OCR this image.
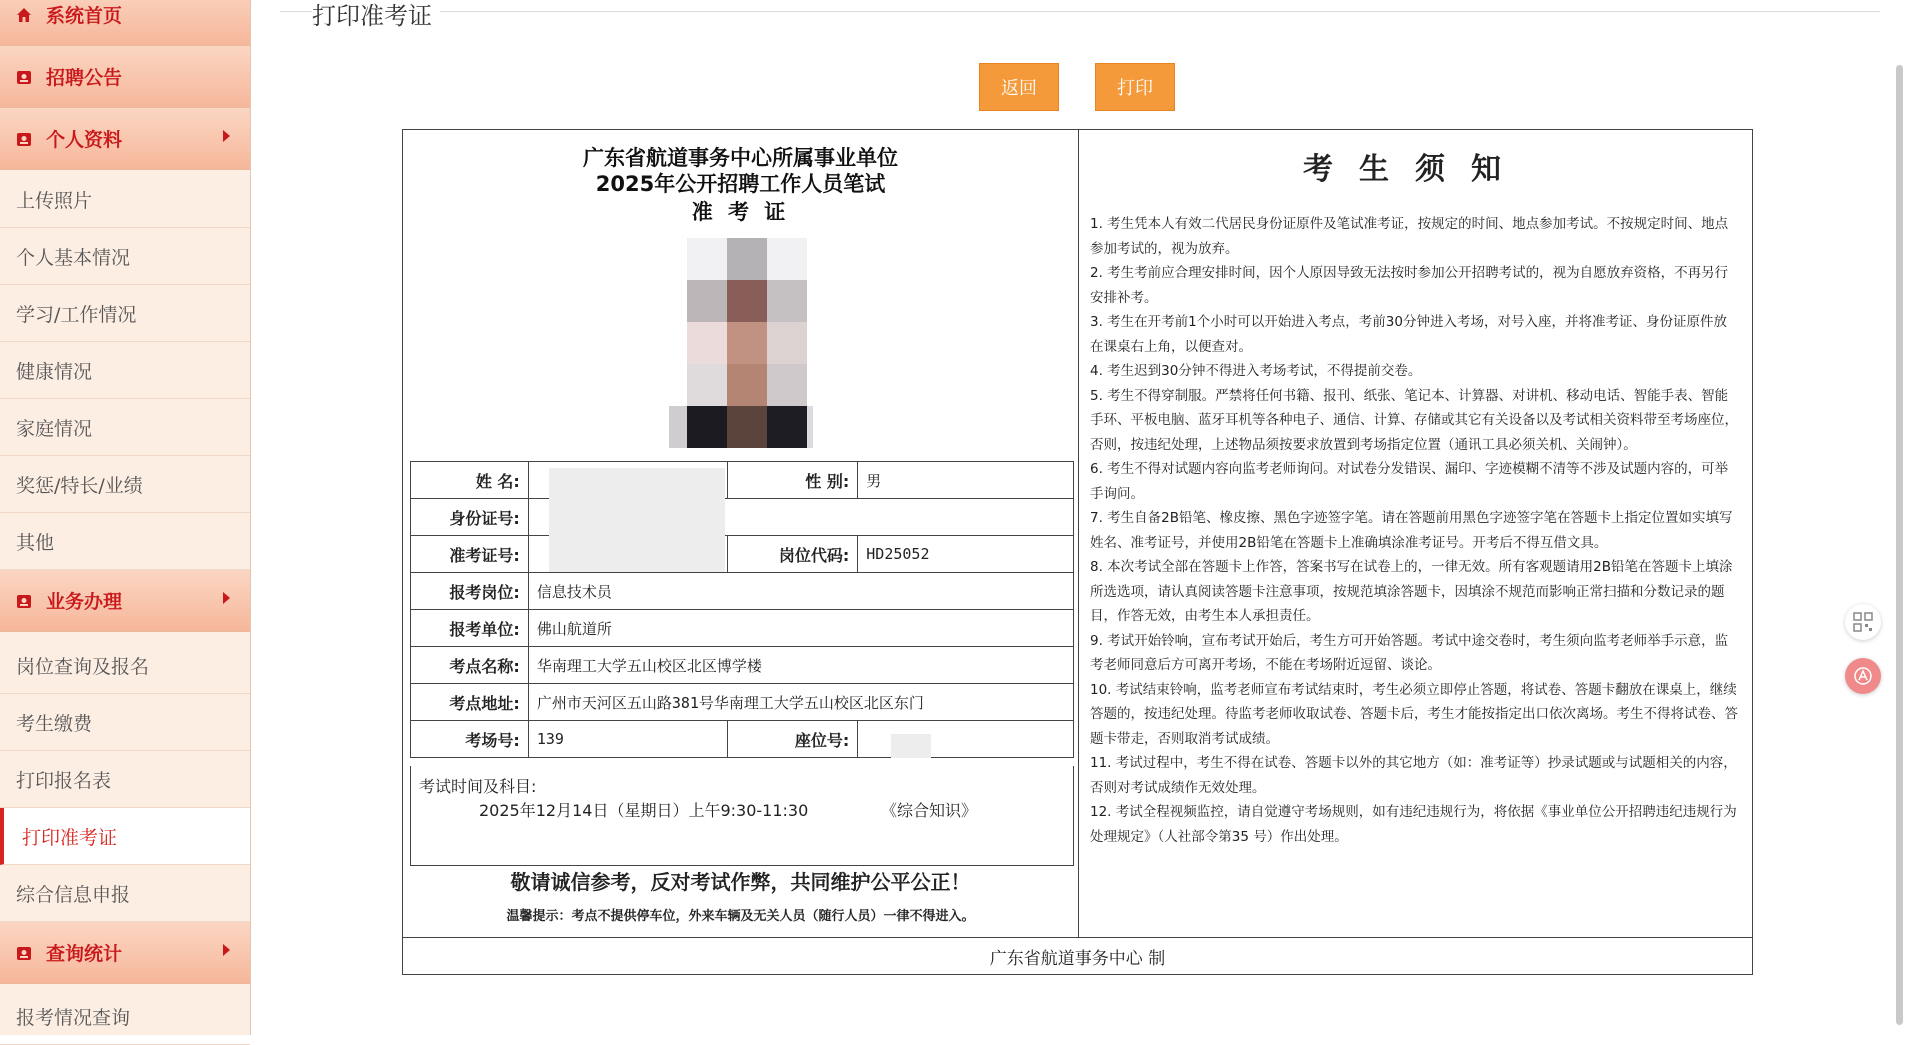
系统首页
招聘公告
个人资料
上传照片
个人基本情况
学习/工作情况
健康情况
家庭情况
奖惩/特长/业绩
其他
业务办理
岗位查询及报名
考生缴费
打印报名表
打印准考证
综合信息申报
查询统计
报考情况查询
打印准考证
返回	打印
广东省航道事务中心所属事业单位
2025年公开招聘工作人员笔试
准 考 证
姓 名:		性 别:	男
身份证号:			
准考证号:		岗位代码:	HD25052
报考岗位:	信息技术员		
报考单位:	佛山航道所		
考点名称:	华南理工大学五山校区北区博学楼		
考点地址:	广州市天河区五山路381号华南理工大学五山校区北区东门		
考场号:	139	座位号:	
考试时间及科目:
2025年12月14日（星期日）上午9:30-11:30	《综合知识》
敬请诚信参考，反对考试作弊，共同维护公平公正！
温馨提示：考点不提供停车位，外来车辆及无关人员（随行人员）一律不得进入。
考生须知
1. 考生凭本人有效二代居民身份证原件及笔试准考证，按规定的时间、地点参加考试。不按规定时间、地点参加考试的，视为放弃。
2. 考生考前应合理安排时间，因个人原因导致无法按时参加公开招聘考试的，视为自愿放弃资格，不再另行安排补考。
3. 考生在开考前1个小时可以开始进入考点，考前30分钟进入考场，对号入座，并将准考证、身份证原件放在课桌右上角，以便查对。
4. 考生迟到30分钟不得进入考场考试，不得提前交卷。
5. 考生不得穿制服。严禁将任何书籍、报刊、纸张、笔记本、计算器、对讲机、移动电话、智能手表、智能手环、平板电脑、蓝牙耳机等各种电子、通信、计算、存储或其它有关设备以及考试相关资料带至考场座位，否则，按违纪处理，上述物品须按要求放置到考场指定位置（通讯工具必须关机、关闹钟）。
6. 考生不得对试题内容向监考老师询问。对试卷分发错误、漏印、字迹模糊不清等不涉及试题内容的，可举手询问。
7. 考生自备2B铅笔、橡皮擦、黑色字迹签字笔。请在答题前用黑色字迹签字笔在答题卡上指定位置如实填写姓名、准考证号，并使用2B铅笔在答题卡上准确填涂准考证号。开考后不得互借文具。
8. 本次考试全部在答题卡上作答，答案书写在试卷上的，一律无效。所有客观题请用2B铅笔在答题卡上填涂所选选项，请认真阅读答题卡注意事项，按规范填涂答题卡，因填涂不规范而影响正常扫描和分数记录的题目，作答无效，由考生本人承担责任。
9. 考试开始铃响，宣布考试开始后，考生方可开始答题。考试中途交卷时，考生须向监考老师举手示意，监考老师同意后方可离开考场，不能在考场附近逗留、谈论。
10. 考试结束铃响，监考老师宣布考试结束时，考生必须立即停止答题，将试卷、答题卡翻放在课桌上，继续答题的，按违纪处理。待监考老师收取试卷、答题卡后，考生才能按指定出口依次离场。考生不得将试卷、答题卡带走，否则取消考试成绩。
11. 考试过程中，考生不得在试卷、答题卡以外的其它地方（如：准考证等）抄录试题或与试题相关的内容，否则对考试成绩作无效处理。
12. 考试全程视频监控，请自觉遵守考场规则，如有违纪违规行为，将依据《事业单位公开招聘违纪违规行为处理规定》（人社部令第35 号）作出处理。
广东省航道事务中心 制
